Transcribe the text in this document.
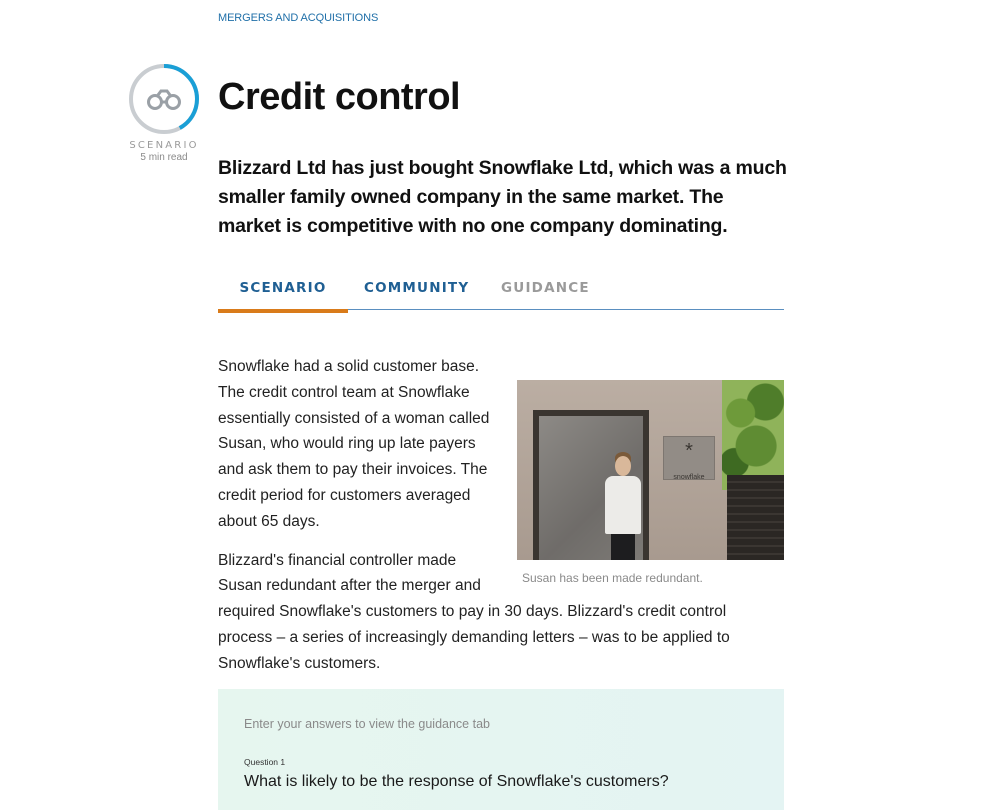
MERGERS AND ACQUISITIONS
SCENARIO
5 min read
Credit control

Blizzard Ltd has just bought Snowflake Ltd, which was a much smaller family owned company in the same market. The market is competitive with no one company dominating.

SCENARIO	COMMUNITY GUIDANCE
*
snowflake
Susan has been made redundant.

Snowflake had a solid customer base. The credit control team at Snowflake essentially consisted of a woman called Susan, who would ring up late payers and ask them to pay their invoices. The credit period for customers averaged about 65 days.

Blizzard's financial controller made Susan redundant after the merger and required Snowflake's customers to pay in 30 days. Blizzard's credit control process – a series of increasingly demanding letters – was to be applied to Snowflake's customers.

Enter your answers to view the guidance tab
Question 1
What is likely to be the response of Snowflake's customers?
